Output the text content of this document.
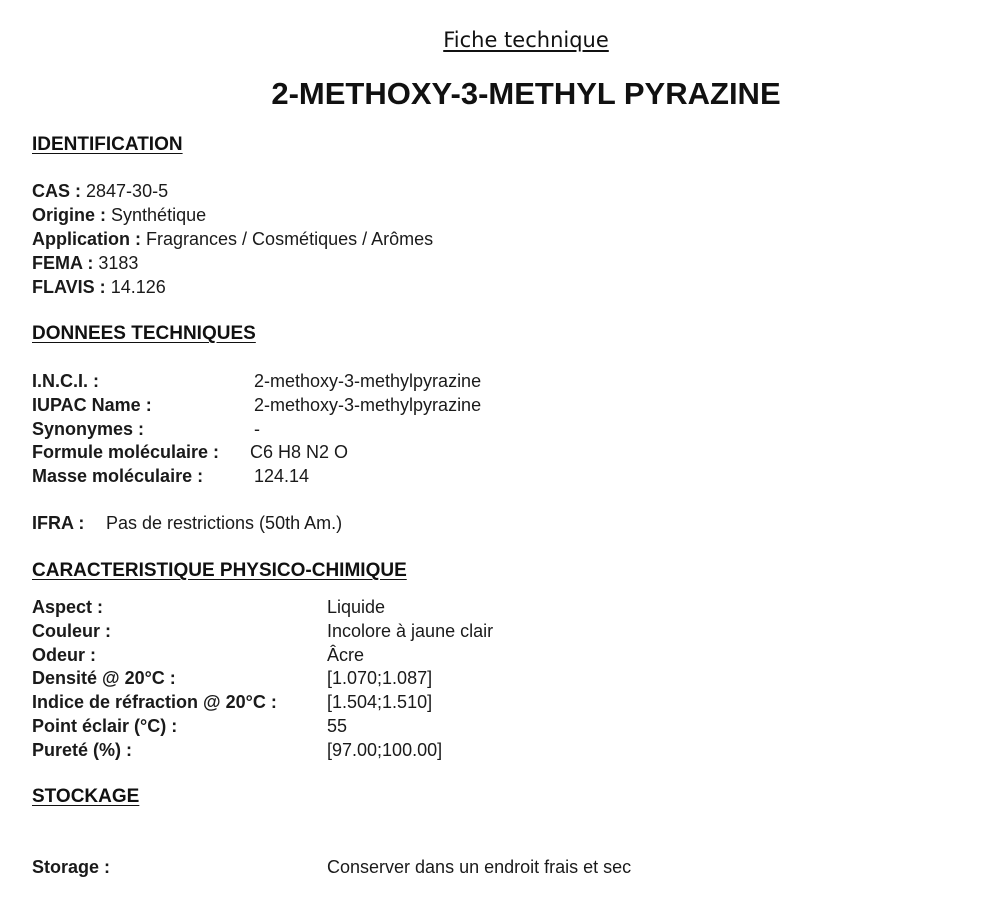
Fiche technique
2-METHOXY-3-METHYL PYRAZINE
IDENTIFICATION
CAS : 2847-30-5
Origine : Synthétique
Application : Fragrances / Cosmétiques / Arômes
FEMA : 3183
FLAVIS : 14.126
DONNEES TECHNIQUES
I.N.C.I. :	2-methoxy-3-methylpyrazine
IUPAC Name :	2-methoxy-3-methylpyrazine
Synonymes :	-
Formule moléculaire : C6 H8 N2 O
Masse moléculaire :	124.14
IFRA : Pas de restrictions (50th Am.)
CARACTERISTIQUE PHYSICO-CHIMIQUE
Aspect :	Liquide
Couleur :	Incolore à jaune clair
Odeur :	Âcre
Densité @ 20°C :	[1.070;1.087]
Indice de réfraction @ 20°C :	[1.504;1.510]
Point éclair (°C) :	55
Pureté (%) :	[97.00;100.00]
STOCKAGE
Storage :	Conserver dans un endroit frais et sec
